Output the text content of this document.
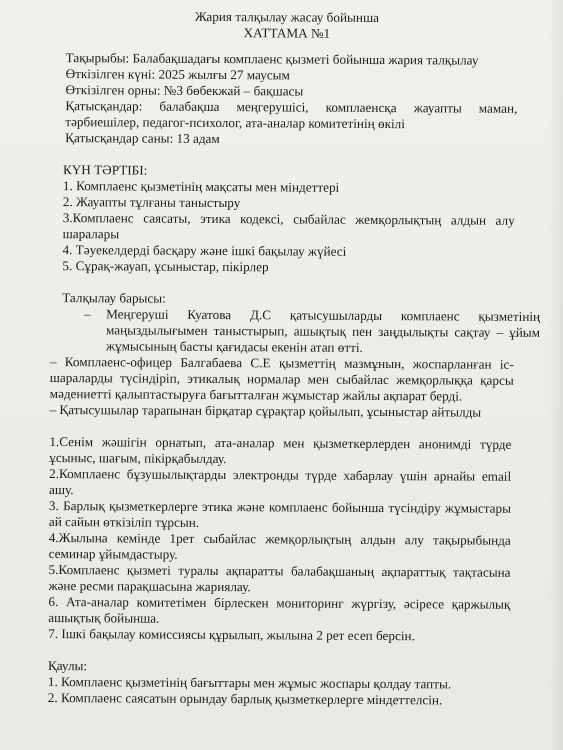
Жария талқылау жасау бойынша

ХАТТАМА №1

Тақырыбы: Балабақшадағы комплаенс қызметі бойынша жария талқылау

Өткізілген күні: 2025 жылғы 27 маусым

Өткізілген орны: №3 бөбекжай – бақшасы

Қатысқандар: балабақша меңгерушісі, комплаенсқа жауапты маман, тәрбиешілер, педагог-психолог, ата-аналар комитетінің өкілі

Қатысқандар саны: 13 адам

КҮН ТӘРТІБІ:

1. Комплаенс қызметінің мақсаты мен міндеттері

2. Жауапты тұлғаны таныстыру

3.Комплаенс саясаты, этика кодексі, сыбайлас жемқорлықтың алдын алу шаралары

4. Тәуекелдерді басқару және ішкі бақылау жүйесі

5. Сұрақ-жауап, ұсыныстар, пікірлер

Талқылау барысы:

–	Меңгеруші Куатова Д.С қатысушыларды комплаенс қызметінің маңыздылығымен таныстырып, ашықтық пен заңдылықты сақтау – ұйым жұмысының басты қағидасы екенін атап өтті.

– Комплаенс-офицер Балгабаева С.Е қызметтің мазмұнын, жоспарланған іс-шараларды түсіндіріп, этикалық нормалар мен сыбайлас жемқорлыққа қарсы мәдениетті қалыптастыруға бағытталған жұмыстар жайлы ақпарат берді.

– Қатысушылар тарапынан бірқатар сұрақтар қойылып, ұсыныстар айтылды

1.Сенім жәшігін орнатып, ата-аналар мен қызметкерлерден анонимді түрде ұсыныс, шағым, пікірқабылдау.

2.Комплаенс бұзушылықтарды электронды түрде хабарлау үшін арнайы email ашу.

3. Барлық қызметкерлерге этика және комплаенс бойынша түсіндіру жұмыстары ай сайын өткізіліп тұрсын.

4.Жылына кемінде 1рет сыбайлас жемқорлықтың алдын алу тақырыбында семинар ұйымдастыру.

5.Комплаенс қызметі туралы ақпаратты балабақшаның ақпараттық тақтасына және ресми парақшасына жариялау.

6. Ата-аналар комитетімен бірлескен мониторинг жүргізу, әсіресе қаржылық ашықтық бойынша.

7. Ішкі бақылау комиссиясы құрылып, жылына 2 рет есеп берсін.

Қаулы:

1. Комплаенс қызметінің бағыттары мен жұмыс жоспары қолдау тапты.

2. Комплаенс саясатын орындау барлық қызметкерлерге міндеттелсін.
